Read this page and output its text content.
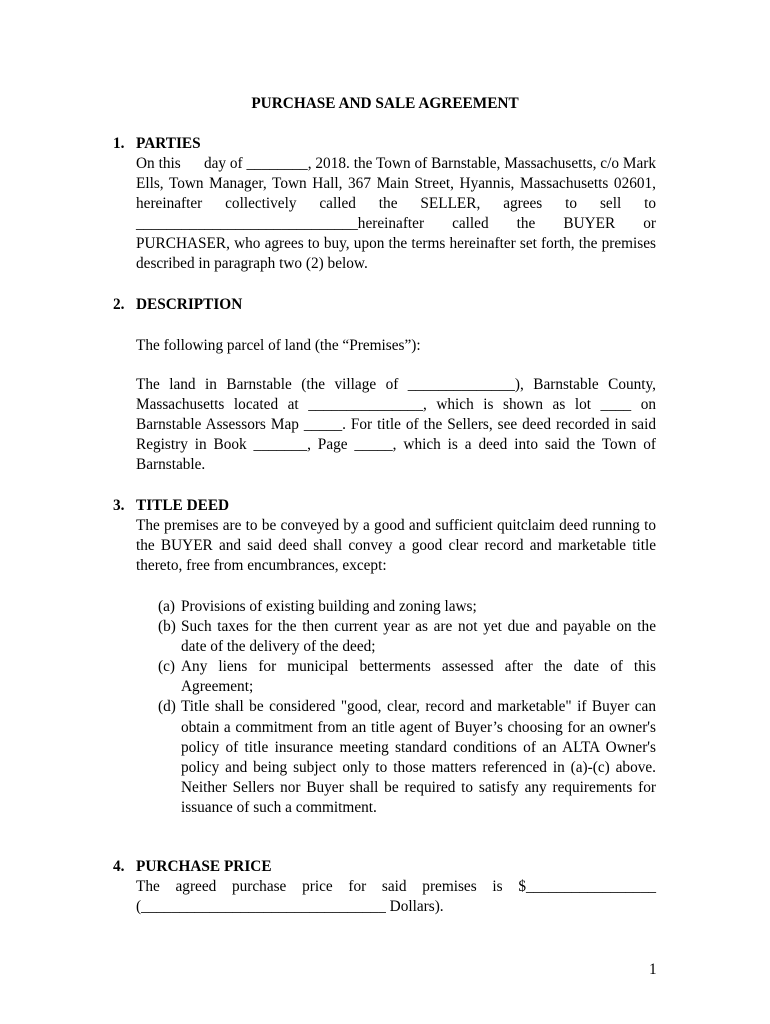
PURCHASE AND SALE AGREEMENT
1. PARTIES
On this      day of ________, 2018. the Town of Barnstable, Massachusetts, c/o Mark Ells, Town Manager, Town Hall, 367 Main Street, Hyannis, Massachusetts 02601, hereinafter collectively called the SELLER, agrees to sell to _____________________________hereinafter called the BUYER or PURCHASER, who agrees to buy, upon the terms hereinafter set forth, the premises described in paragraph two (2) below.
2. DESCRIPTION
The following parcel of land (the “Premises”):
The land in Barnstable (the village of ______________), Barnstable County, Massachusetts located at _______________, which is shown as lot ____ on Barnstable Assessors Map _____. For title of the Sellers, see deed recorded in said Registry in Book _______, Page _____, which is a deed into said the Town of Barnstable.
3. TITLE DEED
The premises are to be conveyed by a good and sufficient quitclaim deed running to the BUYER and said deed shall convey a good clear record and marketable title thereto, free from encumbrances, except:
(a) Provisions of existing building and zoning laws;
(b) Such taxes for the then current year as are not yet due and payable on the date of the delivery of the deed;
(c) Any liens for municipal betterments assessed after the date of this Agreement;
(d) Title shall be considered "good, clear, record and marketable" if Buyer can obtain a commitment from an title agent of Buyer’s choosing for an owner's policy of title insurance meeting standard conditions of an ALTA Owner's policy and being subject only to those matters referenced in (a)-(c) above. Neither Sellers nor Buyer shall be required to satisfy any requirements for issuance of such a commitment.
4. PURCHASE PRICE
The agreed purchase price for said premises is $_________________ (________________________________ Dollars).
1
